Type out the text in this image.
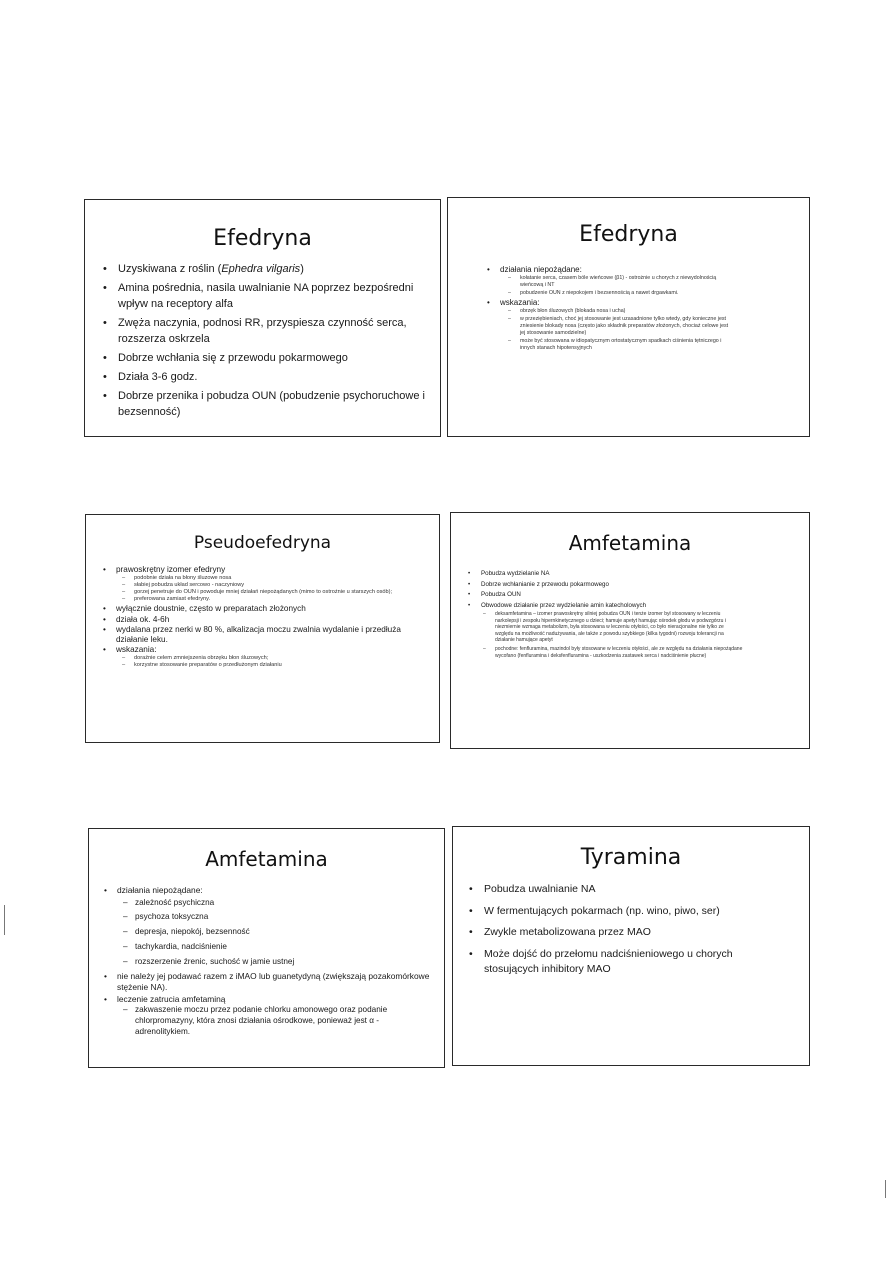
Efedryna
• Uzyskiwana z roślin (Ephedra vilgaris)
• Amina pośrednia, nasila uwalnianie NA poprzez bezpośredni wpływ na receptory alfa
• Zwęża naczynia, podnosi RR, przyspiesza czynność serca, rozszerza oskrzela
• Dobrze wchłania się z przewodu pokarmowego
• Działa 3-6 godz.
• Dobrze przenika i pobudza OUN (pobudzenie psychoruchowe i bezsenność)
Efedryna
• działania niepożądane:
– kołatanie serca, czasem bóle wieńcowe (β1) - ostrożnie u chorych z niewydolnością wieńcową i NT
– pobudzenie OUN z niepokojem i bezsennością a nawet drgawkami.
• wskazania:
– obrzęk błon śluzowych (blokada nosa i ucha)
– w przeziębieniach, choć jej stosowanie jest uzasadnione tylko wtedy, gdy konieczne jest zniesienie blokady nosa (często jako składnik preparatów złożonych, chociaż celowe jest jej stosowanie samodzielne)
– może być stosowana w idiopatycznym ortostatycznym spadkach ciśnienia tętniczego i innych stanach hipotensyjnych
Pseudoefedryna
• prawoskrętny izomer efedryny
– podobnie działa na błony śluzowe nosa
– słabiej pobudza układ sercowo - naczyniowy
– gorzej penetruje do OUN i powoduje mniej działań niepożądanych (mimo to ostrożnie u starszych osób);
– preferowana zamiast efedryny.
• wyłącznie doustnie, często w preparatach złożonych
• działa ok. 4-6h
• wydalana przez nerki w 80 %, alkalizacja moczu zwalnia wydalanie i przedłuża działanie leku.
• wskazania:
– doraźnie celem zmniejszenia obrzęku błon śluzowych;
– korzystne stosowanie preparatów o przedłużonym działaniu
Amfetamina
• Pobudza wydzielanie NA
• Dobrze wchłanianie z przewodu pokarmowego
• Pobudza OUN
• Obwodowe działanie przez wydzielanie amin katecholowych
– deksamfetamina – izomer prawoskrętny silniej pobudza OUN i tenże izomer był stosowany w leczeniu narkolepsji i zespołu hipernkinetycznego u dzieci; hamuje apetyt hamując ośrodek głodu w podwzgórzu i niezmiernie wzmaga metabolizm, była stosowana w leczeniu otyłości, co było nieracjonalne nie tylko ze względu na możliwość nadużywania, ale także z powodu szybkiego (kilka tygodni) rozwoju tolerancji na działanie hamujące apetyt
– pochodne: fenfluramina, mazindol były stosowane w leczeniu otyłości, ale ze względu na działania niepożądane wycofano (fenfluramina i deksfenfluramina - uszkodzenia zastawek serca i nadciśnienie płucne)
Amfetamina
• działania niepożądane:
– zależność psychiczna
– psychoza toksyczna
– depresja, niepokój, bezsenność
– tachykardia, nadciśnienie
– rozszerzenie źrenic, suchość w jamie ustnej
• nie należy jej podawać razem z iMAO lub guanetydyną (zwiększają pozakomórkowe stężenie NA).
• leczenie zatrucia amfetaminą
– zakwaszenie moczu przez podanie chlorku amonowego oraz podanie chlorpromazyny, która znosi działania ośrodkowe, ponieważ jest α - adrenolitykiem.
Tyramina
• Pobudza uwalnianie NA
• W fermentujących pokarmach (np. wino, piwo, ser)
• Zwykle metabolizowana przez MAO
• Może dojść do przełomu nadciśnieniowego u chorych stosujących inhibitory MAO
